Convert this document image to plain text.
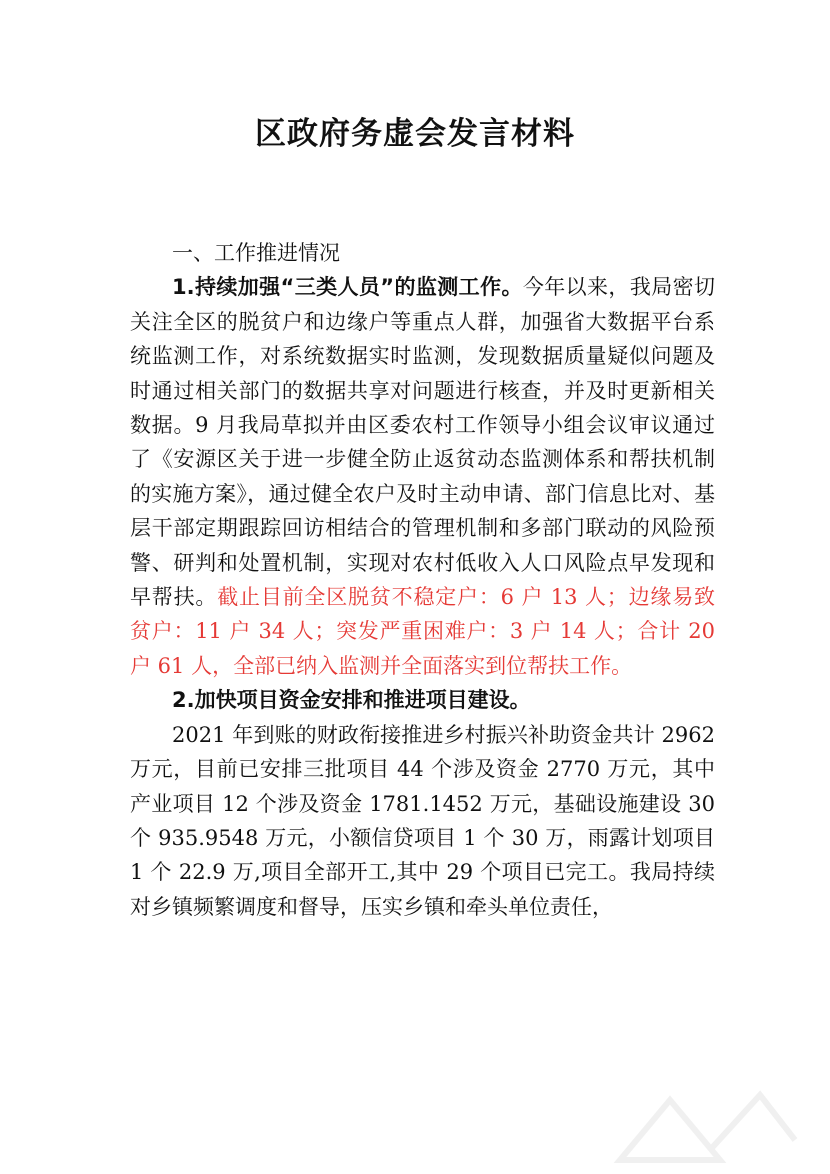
区政府务虚会发言材料

一、工作推进情况

1.持续加强“三类人员”的监测工作。今年以来，我局密切关注全区的脱贫户和边缘户等重点人群，加强省大数据平台系统监测工作，对系统数据实时监测，发现数据质量疑似问题及时通过相关部门的数据共享对问题进行核查，并及时更新相关数据。9 月我局草拟并由区委农村工作领导小组会议审议通过了《安源区关于进一步健全防止返贫动态监测体系和帮扶机制的实施方案》，通过健全农户及时主动申请、部门信息比对、基层干部定期跟踪回访相结合的管理机制和多部门联动的风险预警、研判和处置机制，实现对农村低收入人口风险点早发现和早帮扶。截止目前全区脱贫不稳定户：6 户 13 人；边缘易致贫户：11 户 34 人；突发严重困难户：3 户 14 人；合计 20 户 61 人，全部已纳入监测并全面落实到位帮扶工作。

2.加快项目资金安排和推进项目建设。

2021 年到账的财政衔接推进乡村振兴补助资金共计 2962 万元，目前已安排三批项目 44 个涉及资金 2770 万元，其中产业项目 12 个涉及资金 1781.1452 万元，基础设施建设 30 个 935.9548 万元，小额信贷项目 1 个 30 万，雨露计划项目 1 个 22.9 万,项目全部开工,其中 29 个项目已完工。我局持续对乡镇频繁调度和督导，压实乡镇和牵头单位责任，
